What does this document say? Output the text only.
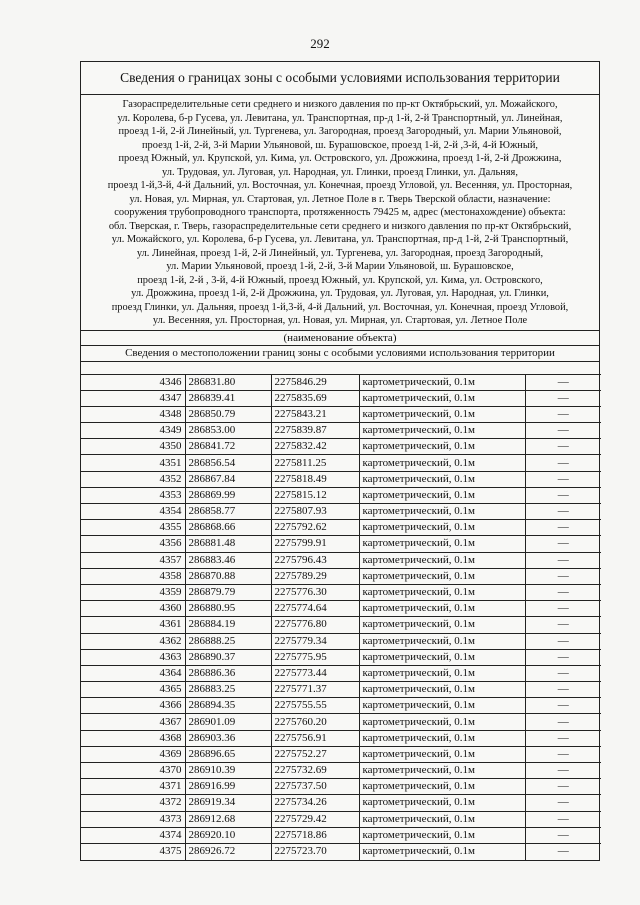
292
Сведения о границах зоны с особыми условиями использования территории
Газораспределительные сети среднего и низкого давления по пр-кт Октябрьский, ул. Можайского,
ул. Королева, б-р Гусева, ул. Левитана, ул. Транспортная, пр-д 1-й, 2-й Транспортный, ул. Линейная,
проезд 1-й, 2-й Линейный, ул. Тургенева, ул. Загородная, проезд Загородный, ул. Марии Ульяновой,
проезд 1-й, 2-й, 3-й Марии Ульяновой, ш. Бурашовское, проезд 1-й, 2-й ,3-й, 4-й Южный,
проезд Южный, ул. Крупской, ул. Кима, ул. Островского, ул. Дрожжина, проезд 1-й, 2-й Дрожжина,
ул. Трудовая, ул. Луговая, ул. Народная, ул. Глинки, проезд Глинки, ул. Дальняя,
проезд 1-й,3-й, 4-й Дальний, ул. Восточная, ул. Конечная, проезд Угловой, ул. Весенняя, ул. Просторная,
ул. Новая, ул. Мирная, ул. Стартовая, ул. Летное Поле в г. Тверь Тверской области, назначение:
сооружения трубопроводного транспорта, протяженность 79425 м, адрес (местонахождение) объекта:
обл. Тверская, г. Тверь, газораспределительные сети среднего и низкого давления по пр-кт Октябрьский,
ул. Можайского, ул. Королева, б-р Гусева, ул. Левитана, ул. Транспортная, пр-д 1-й, 2-й Транспортный,
ул. Линейная, проезд 1-й, 2-й Линейный, ул. Тургенева, ул. Загородная, проезд Загородный,
ул. Марии Ульяновой, проезд 1-й, 2-й, 3-й Марии Ульяновой, ш. Бурашовское,
проезд 1-й, 2-й , 3-й, 4-й Южный, проезд Южный, ул. Крупской, ул. Кима, ул. Островского,
ул. Дрожжина, проезд 1-й, 2-й Дрожжина, ул. Трудовая, ул. Луговая, ул. Народная, ул. Глинки,
проезд Глинки, ул. Дальняя, проезд 1-й,3-й, 4-й Дальний, ул. Восточная, ул. Конечная, проезд Угловой,
ул. Весенняя, ул. Просторная, ул. Новая, ул. Мирная, ул. Стартовая, ул. Летное Поле
(наименование объекта)
Сведения о местоположении границ зоны с особыми условиями использования территории
4346	286831.80	2275846.29	картометрический, 0.1м	—
4347	286839.41	2275835.69	картометрический, 0.1м	—
4348	286850.79	2275843.21	картометрический, 0.1м	—
4349	286853.00	2275839.87	картометрический, 0.1м	—
4350	286841.72	2275832.42	картометрический, 0.1м	—
4351	286856.54	2275811.25	картометрический, 0.1м	—
4352	286867.84	2275818.49	картометрический, 0.1м	—
4353	286869.99	2275815.12	картометрический, 0.1м	—
4354	286858.77	2275807.93	картометрический, 0.1м	—
4355	286868.66	2275792.62	картометрический, 0.1м	—
4356	286881.48	2275799.91	картометрический, 0.1м	—
4357	286883.46	2275796.43	картометрический, 0.1м	—
4358	286870.88	2275789.29	картометрический, 0.1м	—
4359	286879.79	2275776.30	картометрический, 0.1м	—
4360	286880.95	2275774.64	картометрический, 0.1м	—
4361	286884.19	2275776.80	картометрический, 0.1м	—
4362	286888.25	2275779.34	картометрический, 0.1м	—
4363	286890.37	2275775.95	картометрический, 0.1м	—
4364	286886.36	2275773.44	картометрический, 0.1м	—
4365	286883.25	2275771.37	картометрический, 0.1м	—
4366	286894.35	2275755.55	картометрический, 0.1м	—
4367	286901.09	2275760.20	картометрический, 0.1м	—
4368	286903.36	2275756.91	картометрический, 0.1м	—
4369	286896.65	2275752.27	картометрический, 0.1м	—
4370	286910.39	2275732.69	картометрический, 0.1м	—
4371	286916.99	2275737.50	картометрический, 0.1м	—
4372	286919.34	2275734.26	картометрический, 0.1м	—
4373	286912.68	2275729.42	картометрический, 0.1м	—
4374	286920.10	2275718.86	картометрический, 0.1м	—
4375	286926.72	2275723.70	картометрический, 0.1м	—
